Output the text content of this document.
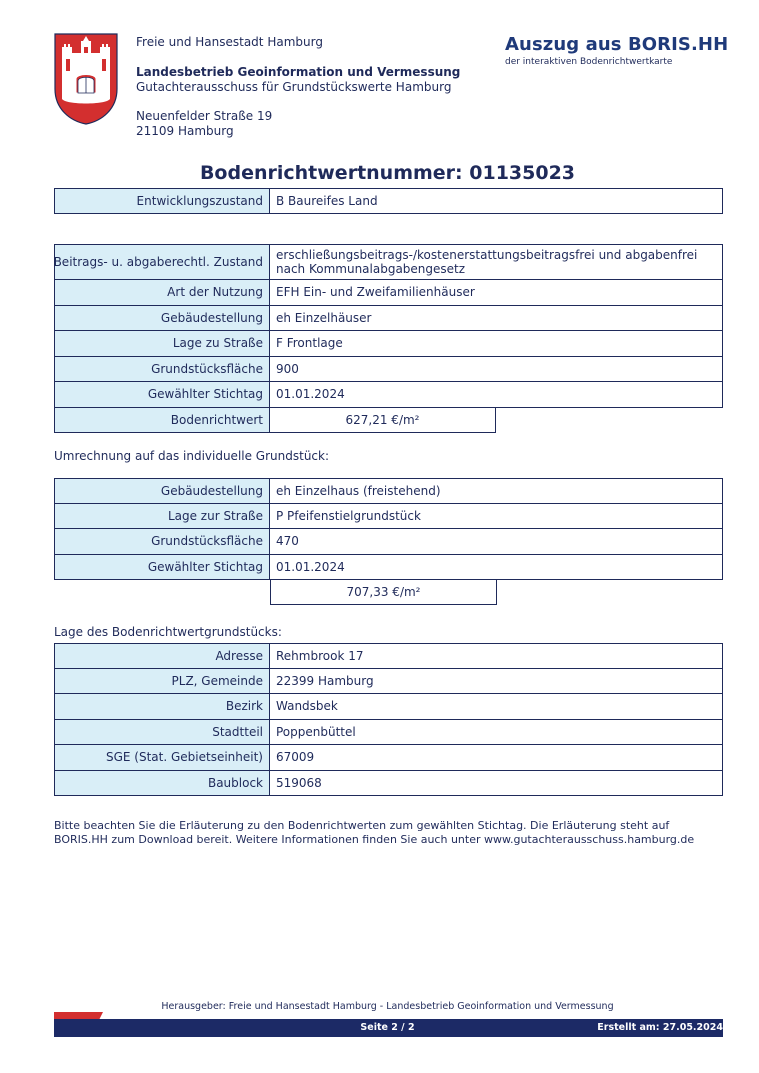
Freie und Hansestadt Hamburg
Landesbetrieb Geoinformation und Vermessung
Gutachterausschuss für Grundstückswerte Hamburg
Neuenfelder Straße 19
21109 Hamburg
Auszug aus BORIS.HH
der interaktiven Bodenrichtwertkarte
Bodenrichtwertnummer: 01135023
Entwicklungszustand	B Baureifes Land
Beitrags- u. abgaberechtl. Zustand	erschließungsbeitrags-/kostenerstattungsbeitragsfrei und abgabenfrei nach Kommunalabgabengesetz
Art der Nutzung	EFH Ein- und Zweifamilienhäuser
Gebäudestellung	eh Einzelhäuser
Lage zu Straße	F Frontlage
Grundstücksfläche	900
Gewählter Stichtag	01.01.2024
Bodenrichtwert	627,21 €/m²
Umrechnung auf das individuelle Grundstück:
Gebäudestellung	eh Einzelhaus (freistehend)
Lage zur Straße	P Pfeifenstielgrundstück
Grundstücksfläche	470
Gewählter Stichtag	01.01.2024
707,33 €/m²
Lage des Bodenrichtwertgrundstücks:
Adresse	Rehmbrook 17
PLZ, Gemeinde	22399 Hamburg
Bezirk	Wandsbek
Stadtteil	Poppenbüttel
SGE (Stat. Gebietseinheit)	67009
Baublock	519068
Bitte beachten Sie die Erläuterung zu den Bodenrichtwerten zum gewählten Stichtag. Die Erläuterung steht auf BORIS.HH zum Download bereit. Weitere Informationen finden Sie auch unter www.gutachterausschuss.hamburg.de
Herausgeber: Freie und Hansestadt Hamburg - Landesbetrieb Geoinformation und Vermessung
Seite 2 / 2	Erstellt am: 27.05.2024
